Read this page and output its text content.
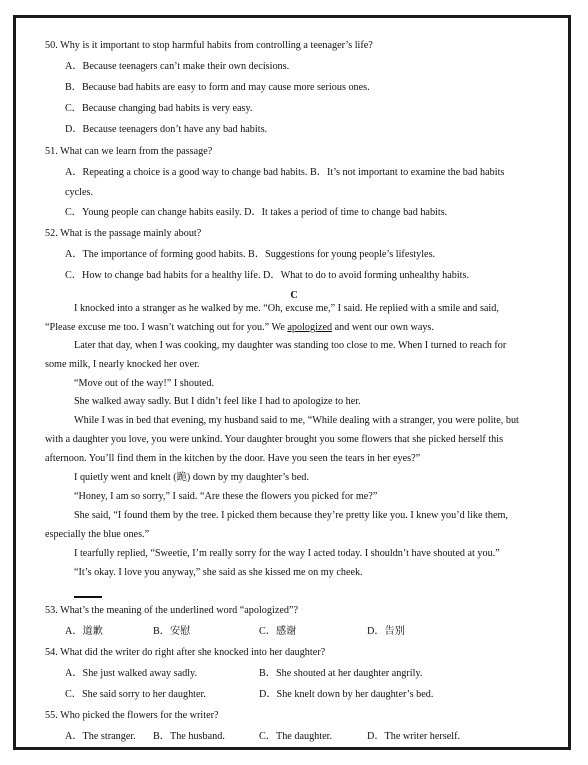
50. Why is it important to stop harmful habits from controlling a teenager’s life?
A．Because teenagers can’t make their own decisions.
B．Because bad habits are easy to form and may cause more serious ones.
C．Because changing bad habits is very easy.
D．Because teenagers don’t have any bad habits.
51. What can we learn from the passage?
A．Repeating a choice is a good way to change bad habits. B．It’s not important to examine the bad habits
cycles.
C．Young people can change habits easily. D．It takes a period of time to change bad habits.
52. What is the passage mainly about?
A．The importance of forming good habits. B．Suggestions for young people’s lifestyles.
C．How to change bad habits for a healthy life. D．What to do to avoid forming unhealthy habits.
C
I knocked into a stranger as he walked by me. “Oh, excuse me,” I said. He replied with a smile and said,
“Please excuse me too. I wasn’t watching out for you.” We apologized and went our own ways.
Later that day, when I was cooking, my daughter was standing too close to me. When I turned to reach for
some milk, I nearly knocked her over.
“Move out of the way!” I shouted.
She walked away sadly. But I didn’t feel like I had to apologize to her.
While I was in bed that evening, my husband said to me, “While dealing with a stranger, you were polite, but
with a daughter you love, you were unkind. Your daughter brought you some flowers that she picked herself this
afternoon. You’ll find them in the kitchen by the door. Have you seen the tears in her eyes?”
I quietly went and knelt (跪) down by my daughter’s bed.
“Honey, I am so sorry,” I said. “Are these the flowers you picked for me?”
She said, “I found them by the tree. I picked them because they’re pretty like you. I knew you’d like them,
especially the blue ones.”
I tearfully replied, “Sweetie, I’m really sorry for the way I acted today. I shouldn’t have shouted at you.”
“It’s okay. I love you anyway,” she said as she kissed me on my cheek.
53. What’s the meaning of the underlined word “apologized”?
A．道歉	B．安慰	C．感谢	D．告别
54. What did the writer do right after she knocked into her daughter?
A．She just walked away sadly.	B．She shouted at her daughter angrily.
C．She said sorry to her daughter.	D．She knelt down by her daughter’s bed.
55. Who picked the flowers for the writer?
A．The stranger. B．The husband.	C．The daughter.	D．The writer herself.
